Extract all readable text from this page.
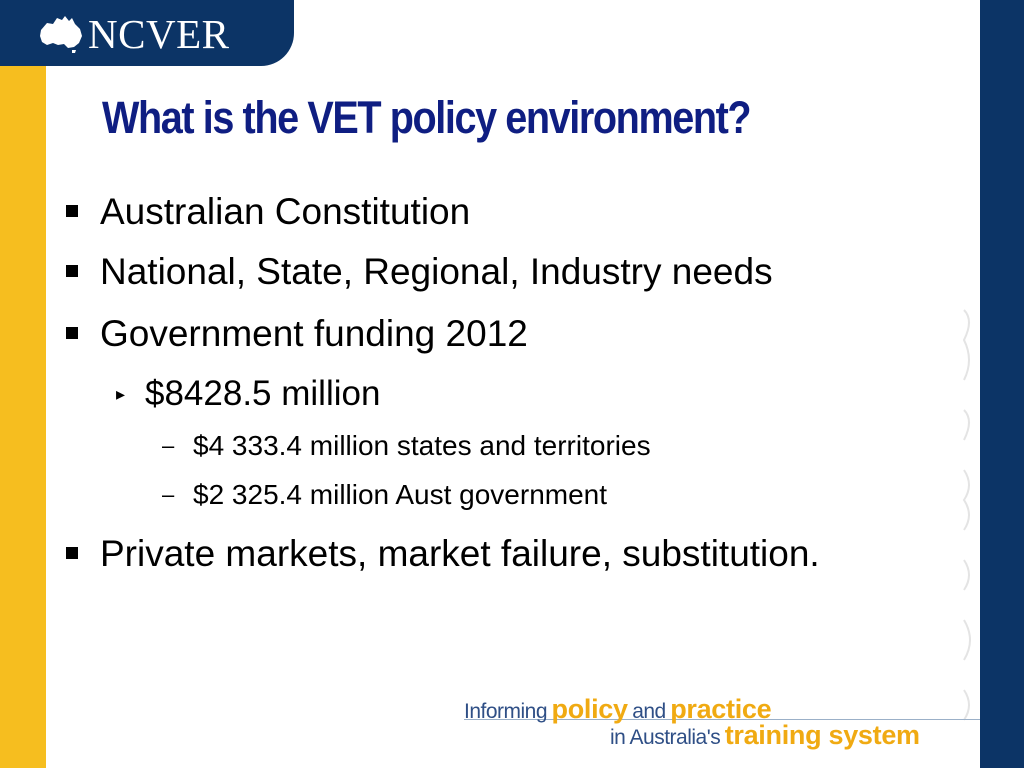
NCVER
What is the VET policy environment?
Australian Constitution
National, State, Regional, Industry needs
Government funding 2012
▸ $8428.5 million
– $4 333.4 million states and territories
– $2 325.4 million Aust government
Private markets, market failure, substitution.
Informing policy and practice
in Australia's training system
